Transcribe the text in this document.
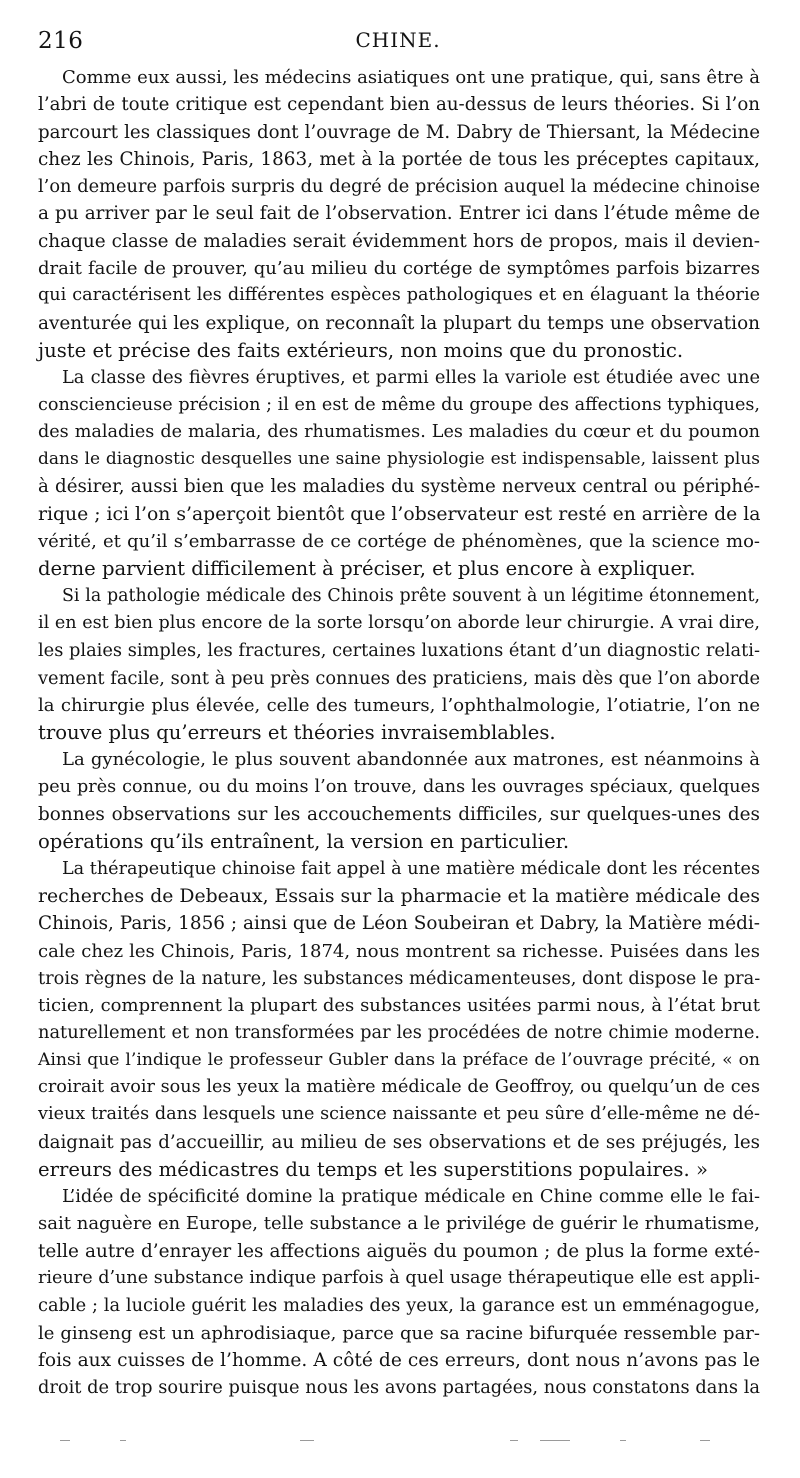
216	CHINE.
Comme eux aussi, les médecins asiatiques ont une pratique, qui, sans être à
l’abri de toute critique est cependant bien au-dessus de leurs théories. Si l’on
parcourt les classiques dont l’ouvrage de M. Dabry de Thiersant, la Médecine
chez les Chinois, Paris, 1863, met à la portée de tous les préceptes capitaux,
l’on demeure parfois surpris du degré de précision auquel la médecine chinoise
a pu arriver par le seul fait de l’observation. Entrer ici dans l’étude même de
chaque classe de maladies serait évidemment hors de propos, mais il devien-
drait facile de prouver, qu’au milieu du cortége de symptômes parfois bizarres
qui caractérisent les différentes espèces pathologiques et en élaguant la théorie
aventurée qui les explique, on reconnaît la plupart du temps une observation
juste et précise des faits extérieurs, non moins que du pronostic.
La classe des fièvres éruptives, et parmi elles la variole est étudiée avec une
consciencieuse précision ; il en est de même du groupe des affections typhiques,
des maladies de malaria, des rhumatismes. Les maladies du cœur et du poumon
dans le diagnostic desquelles une saine physiologie est indispensable, laissent plus
à désirer, aussi bien que les maladies du système nerveux central ou périphé-
rique ; ici l’on s’aperçoit bientôt que l’observateur est resté en arrière de la
vérité, et qu’il s’embarrasse de ce cortége de phénomènes, que la science mo-
derne parvient difficilement à préciser, et plus encore à expliquer.
Si la pathologie médicale des Chinois prête souvent à un légitime étonnement,
il en est bien plus encore de la sorte lorsqu’on aborde leur chirurgie. A vrai dire,
les plaies simples, les fractures, certaines luxations étant d’un diagnostic relati-
vement facile, sont à peu près connues des praticiens, mais dès que l’on aborde
la chirurgie plus élevée, celle des tumeurs, l’ophthalmologie, l’otiatrie, l’on ne
trouve plus qu’erreurs et théories invraisemblables.
La gynécologie, le plus souvent abandonnée aux matrones, est néanmoins à
peu près connue, ou du moins l’on trouve, dans les ouvrages spéciaux, quelques
bonnes observations sur les accouchements difficiles, sur quelques-unes des
opérations qu’ils entraînent, la version en particulier.
La thérapeutique chinoise fait appel à une matière médicale dont les récentes
recherches de Debeaux, Essais sur la pharmacie et la matière médicale des
Chinois, Paris, 1856 ; ainsi que de Léon Soubeiran et Dabry, la Matière médi-
cale chez les Chinois, Paris, 1874, nous montrent sa richesse. Puisées dans les
trois règnes de la nature, les substances médicamenteuses, dont dispose le pra-
ticien, comprennent la plupart des substances usitées parmi nous, à l’état brut
naturellement et non transformées par les procédées de notre chimie moderne.
Ainsi que l’indique le professeur Gubler dans la préface de l’ouvrage précité, « on
croirait avoir sous les yeux la matière médicale de Geoffroy, ou quelqu’un de ces
vieux traités dans lesquels une science naissante et peu sûre d’elle-même ne dé-
daignait pas d’accueillir, au milieu de ses observations et de ses préjugés, les
erreurs des médicastres du temps et les superstitions populaires. »
L’idée de spécificité domine la pratique médicale en Chine comme elle le fai-
sait naguère en Europe, telle substance a le privilége de guérir le rhumatisme,
telle autre d’enrayer les affections aiguës du poumon ; de plus la forme exté-
rieure d’une substance indique parfois à quel usage thérapeutique elle est appli-
cable ; la luciole guérit les maladies des yeux, la garance est un emménagogue,
le ginseng est un aphrodisiaque, parce que sa racine bifurquée ressemble par-
fois aux cuisses de l’homme. A côté de ces erreurs, dont nous n’avons pas le
droit de trop sourire puisque nous les avons partagées, nous constatons dans la
